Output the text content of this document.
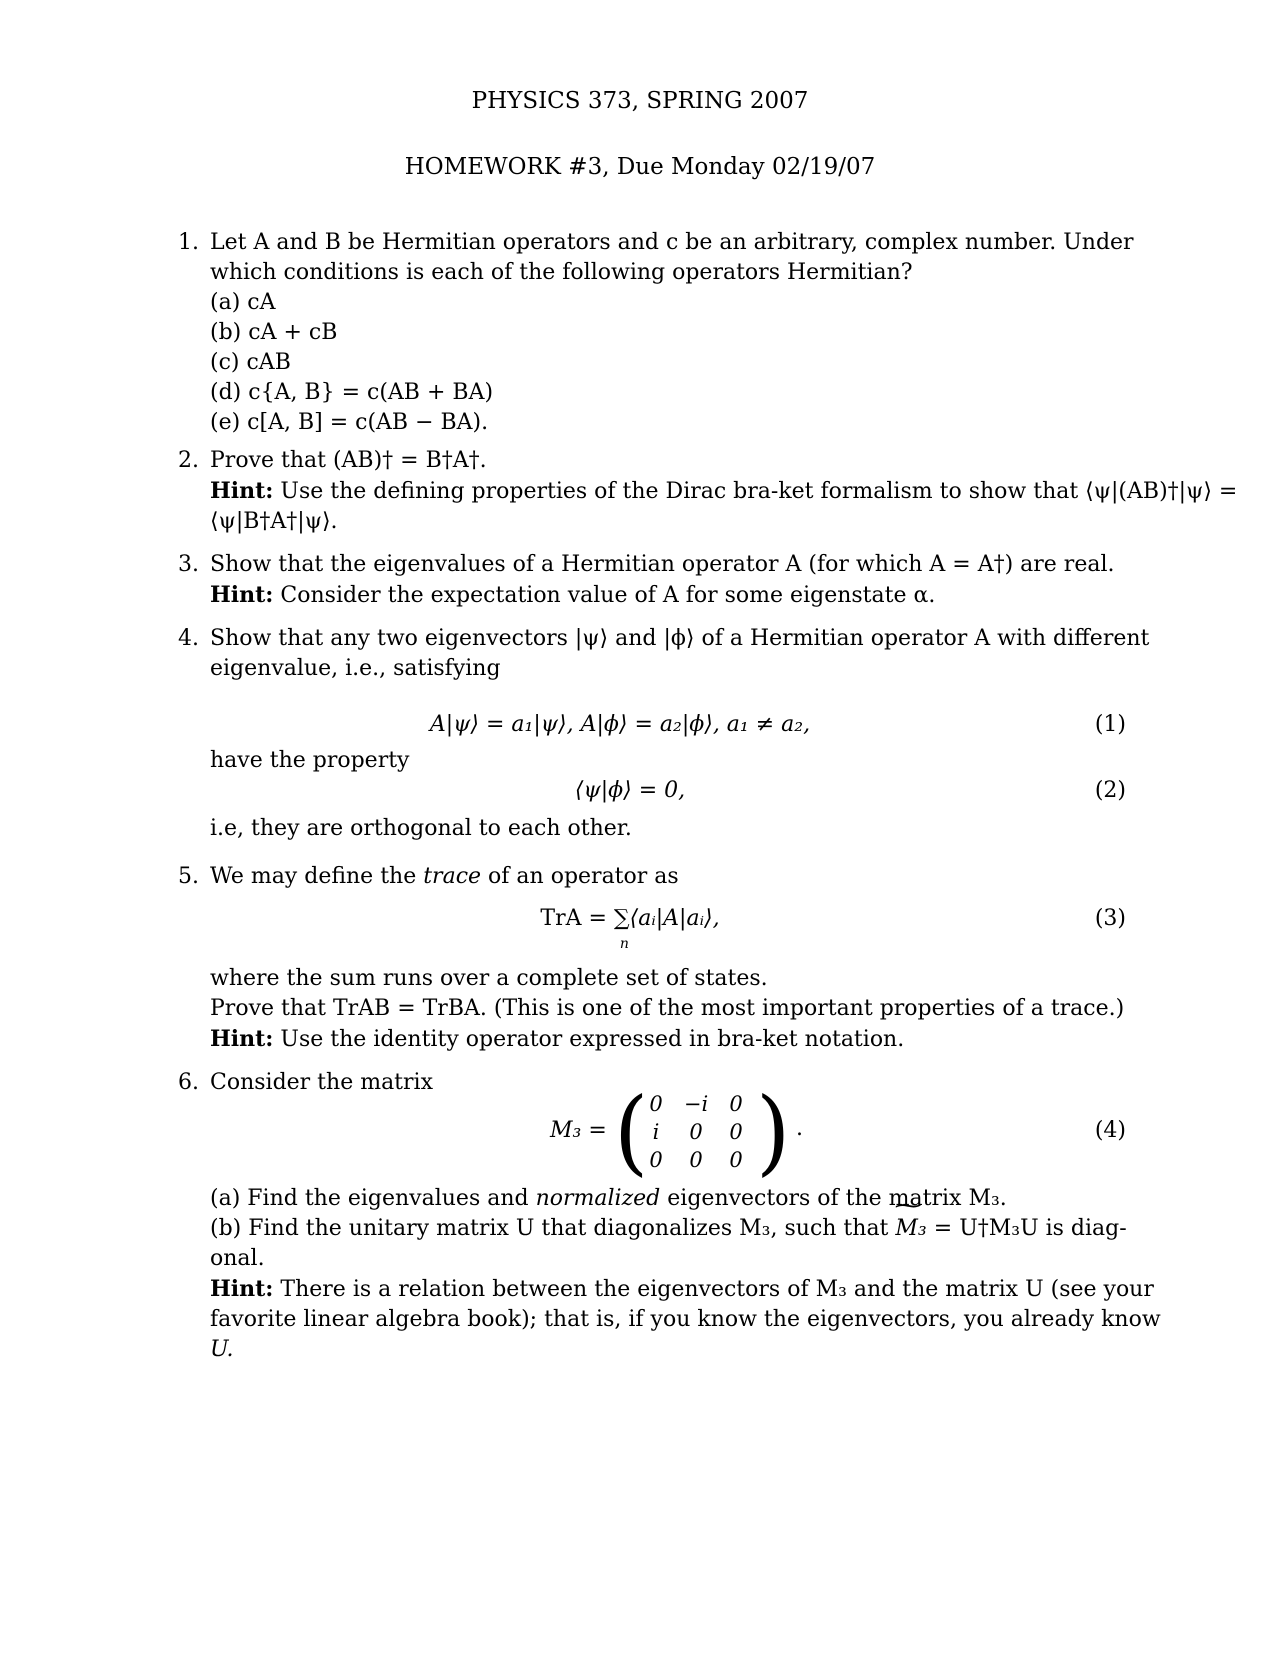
PHYSICS 373, SPRING 2007
HOMEWORK #3, Due Monday 02/19/07
1. Let A and B be Hermitian operators and c be an arbitrary, complex number. Under
which conditions is each of the following operators Hermitian?
(a) cA
(b) cA + cB
(c) cAB
(d) c{A, B} = c(AB + BA)
(e) c[A, B] = c(AB − BA).
2. Prove that (AB)† = B†A†.
Hint: Use the defining properties of the Dirac bra-ket formalism to show that ⟨ψ|(AB)†|ψ⟩ =
⟨ψ|B†A†|ψ⟩.
3. Show that the eigenvalues of a Hermitian operator A (for which A = A†) are real.
Hint: Consider the expectation value of A for some eigenstate α.
4. Show that any two eigenvectors |ψ⟩ and |ϕ⟩ of a Hermitian operator A with different
eigenvalue, i.e., satisfying
A|ψ⟩ = a₁|ψ⟩, A|ϕ⟩ = a₂|ϕ⟩, a₁ ≠ a₂,	(1)
have the property
⟨ψ|ϕ⟩ = 0,	(2)
i.e, they are orthogonal to each other.
5. We may define the trace of an operator as
TrA = ∑
n
⟨aᵢ|A|aᵢ⟩,	(3)
where the sum runs over a complete set of states.
Prove that TrAB = TrBA. (This is one of the most important properties of a trace.)
Hint: Use the identity operator expressed in bra-ket notation.
6. Consider the matrix
M₃ =	(4)
( 0	−i	0
i	0	0
0	0	0 ) .
(a) Find the eigenvalues and normalized eigenvectors of the matrix M₃.
(b) Find the unitary matrix U that diagonalizes M₃, such that ~ M₃ = U†M₃U is diag-
onal.
Hint: There is a relation between the eigenvectors of M₃ and the matrix U (see your
favorite linear algebra book); that is, if you know the eigenvectors, you already know
U.
